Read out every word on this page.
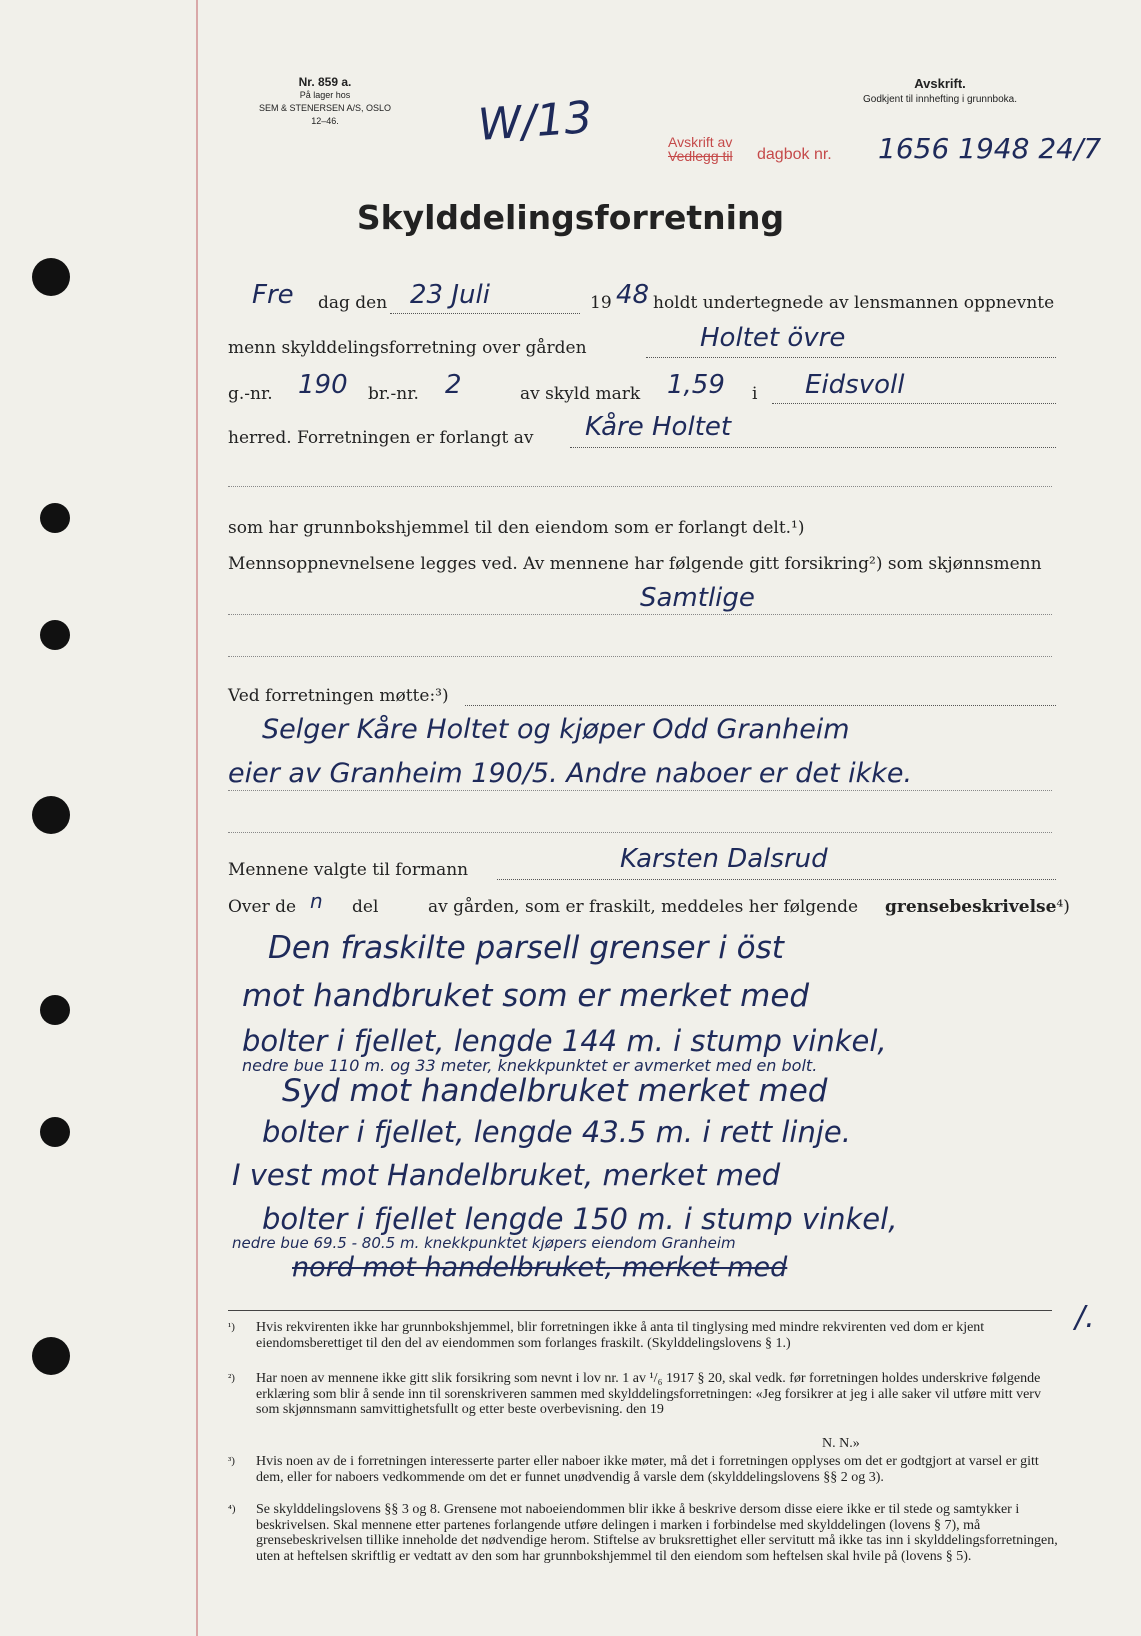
Nr. 859 a.
På lager hos
SEM & STENERSEN A/S, OSLO
12–46.
Avskrift.
Godkjent til innhefting i grunnboka.
W/13	Avskrift av
Vedlegg til dagbok nr. 1656 1948 24/7
Skylddelingsforretning
Fre dag den 23 Juli	19 48 holdt undertegnede av lensmannen oppnevnte
menn skylddelingsforretning over gården	Holtet övre
g.-nr. 190 br.-nr.	2	av skyld mark	1,59 i	Eidsvoll
herred. Forretningen er forlangt av	Kåre Holtet
som har grunnbokshjemmel til den eiendom som er forlangt delt.¹)
Mennsoppnevnelsene legges ved. Av mennene har følgende gitt forsikring²) som skjønnsmenn
Samtlige
Ved forretningen møtte:³)
Selger Kåre Holtet og kjøper Odd Granheim
eier av Granheim 190/5. Andre naboer er det ikke.
Mennene valgte til formann	Karsten Dalsrud
Over de n del	av gården, som er fraskilt, meddeles her følgende	grensebeskrivelse⁴)
Den fraskilte parsell grenser i öst
mot handbruket som er merket med
bolter i fjellet, lengde 144 m. i stump vinkel,
nedre bue 110 m. og 33 meter, knekkpunktet er avmerket med en bolt.
Syd mot handelbruket merket med
bolter i fjellet, lengde 43.5 m. i rett linje.
I vest mot Handelbruket, merket med
bolter i fjellet lengde 150 m. i stump vinkel,
nedre bue 69.5 - 80.5 m. knekkpunktet kjøpers eiendom Granheim
nord mot handelbruket, merket med
/.
¹) Hvis rekvirenten ikke har grunnbokshjemmel, blir forretningen ikke å anta til tinglysing med mindre rekvirenten ved dom er kjent eiendomsberettiget til den del av eiendommen som forlanges fraskilt. (Skylddelingslovens § 1.)
²) Har noen av mennene ikke gitt slik forsikring som nevnt i lov nr. 1 av ¹/₆ 1917 § 20, skal vedk. før forretningen holdes underskrive følgende erklæring som blir å sende inn til sorenskriveren sammen med skylddelingsforretningen: «Jeg forsikrer at jeg i alle saker vil utføre mitt verv som skjønnsmann samvittighetsfullt og etter beste overbevisning. den 19
N. N.»
³) Hvis noen av de i forretningen interesserte parter eller naboer ikke møter, må det i forretningen opplyses om det er godtgjort at varsel er gitt dem, eller for naboers vedkommende om det er funnet unødvendig å varsle dem (skylddelingslovens §§ 2 og 3).
⁴) Se skylddelingslovens §§ 3 og 8. Grensene mot naboeiendommen blir ikke å beskrive dersom disse eiere ikke er til stede og samtykker i beskrivelsen. Skal mennene etter partenes forlangende utføre delingen i marken i forbindelse med skylddelingen (lovens § 7), må grensebeskrivelsen tillike inneholde det nødvendige herom. Stiftelse av bruksrettighet eller servitutt må ikke tas inn i skylddelingsforretningen, uten at heftelsen skriftlig er vedtatt av den som har grunnbokshjemmel til den eiendom som heftelsen skal hvile på (lovens § 5).
